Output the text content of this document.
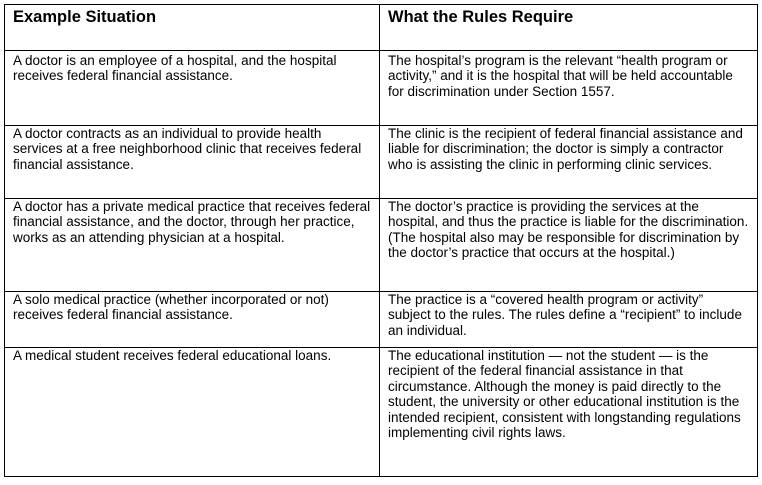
Example Situation	What the Rules Require
A doctor is an employee of a hospital, and the hospital receives federal financial assistance.	The hospital’s program is the relevant “health program or activity,” and it is the hospital that will be held accountable for discrimination under Section 1557.
A doctor contracts as an individual to provide health services at a free neighborhood clinic that receives federal financial assistance.	The clinic is the recipient of federal financial assistance and liable for discrimination; the doctor is simply a contractor who is assisting the clinic in performing clinic services.
A doctor has a private medical practice that receives federal financial assistance, and the doctor, through her practice, works as an attending physician at a hospital.	The doctor’s practice is providing the services at the hospital, and thus the practice is liable for the discrimination. (The hospital also may be responsible for discrimination by the doctor’s practice that occurs at the hospital.)
A solo medical practice (whether incorporated or not) receives federal financial assistance.	The practice is a “covered health program or activity” subject to the rules. The rules define a “recipient” to include an individual.
A medical student receives federal educational loans.	The educational institution — not the student — is the recipient of the federal financial assistance in that circumstance. Although the money is paid directly to the student, the university or other educational institution is the intended recipient, consistent with longstanding regulations implementing civil rights laws.
